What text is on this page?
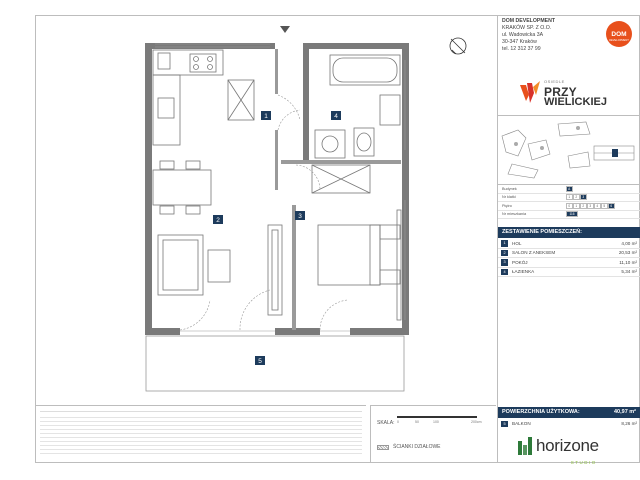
1
2
3
4
5
SKALA: 0	50	100	200cm
ŚCIANKI DZIAŁOWE
DOM DEVELOPMENT
KRAKÓW SP. Z O.O.
ul. Wadowicka 3A
30-347 Kraków
tel. 12 312 37 99
DOM
DEVELOPMENT
OSIEDLE
PRZY
WIELICKIEJ
Budynek	A
Nr klatki	1	2	3
Piętro	0	1	2	3	4	5	6
Nr mieszkania	116
ZESTAWIENIE POMIESZCZEŃ:
1	HOL	4,00 m²
2	SALON Z ANEKSEM	20,53 m²
3	POKÓJ	11,10 m²
4	ŁAZIENKA	5,34 m²
POWIERZCHNIA UŻYTKOWA:	40,97 m²
5	BALKON	8,26 m²
horizone
STUDIO
